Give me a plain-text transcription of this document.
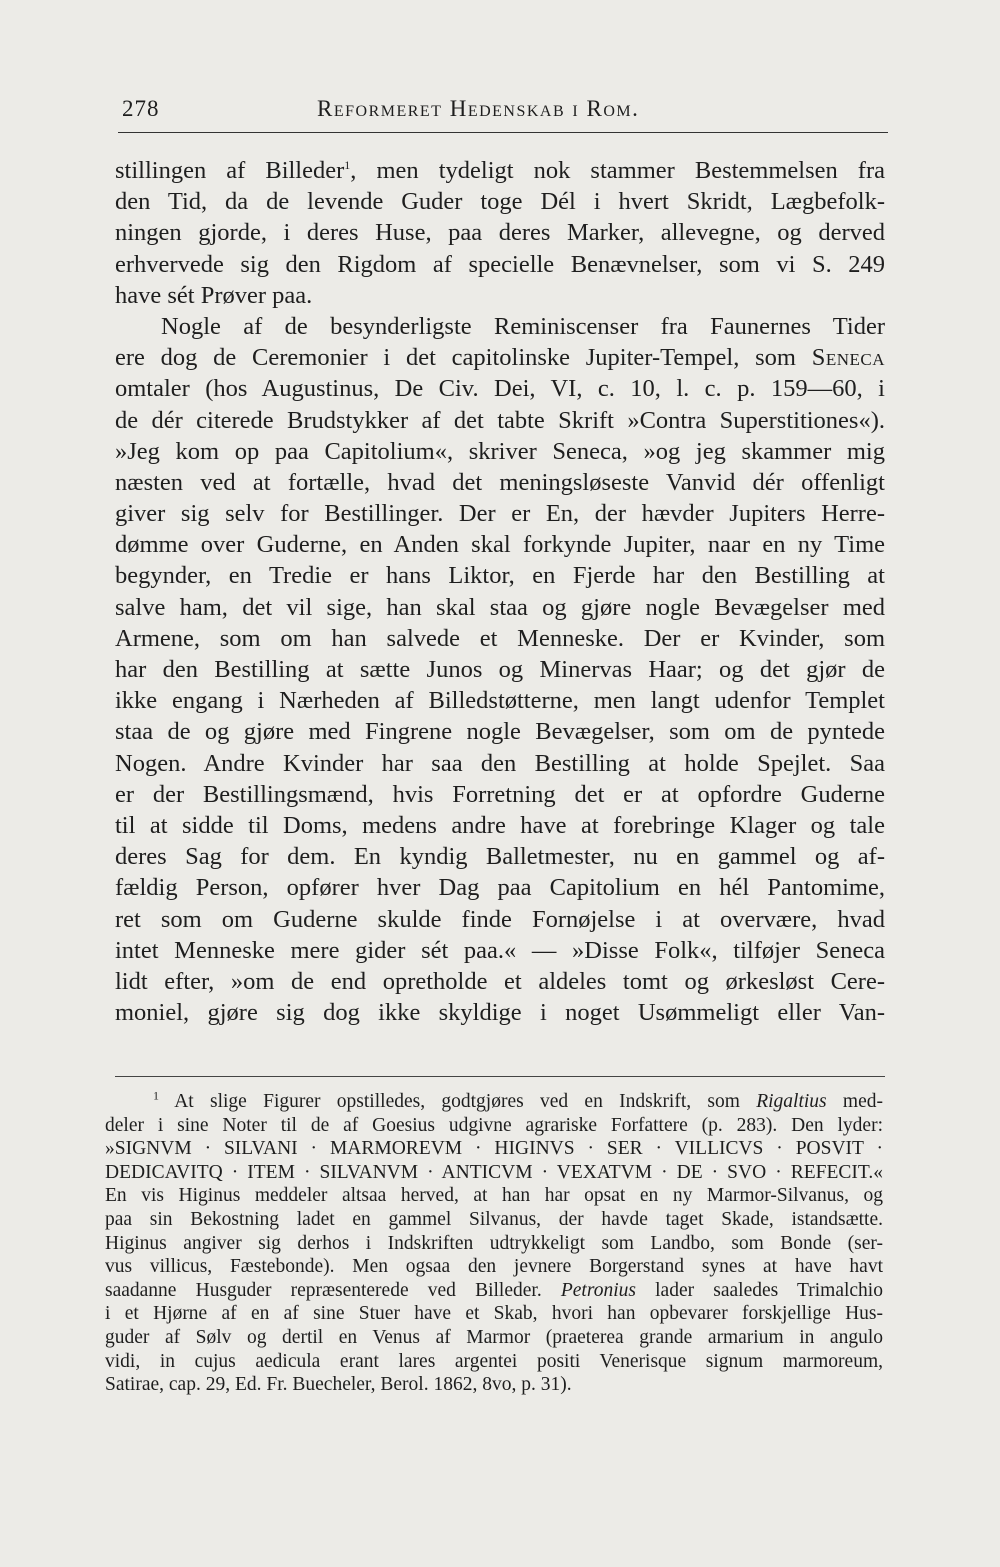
278	Reformeret Hedenskab i Rom.
stillingen af Billeder$^1$, men tydeligt nok stammer Bestemmelsen fra
den Tid, da de levende Guder toge Dél i hvert Skridt, Lægbefolk-
ningen gjorde, i deres Huse, paa deres Marker, allevegne, og derved
erhvervede sig den Rigdom af specielle Benævnelser, som vi S. 249
have sét Prøver paa.
Nogle af de besynderligste Reminiscenser fra Faunernes Tider
ere dog de Ceremonier i det capitolinske Jupiter-Tempel, som Seneca
omtaler (hos Augustinus, De Civ. Dei, VI, c. 10, l. c. p. 159—60, i
de dér citerede Brudstykker af det tabte Skrift »Contra Superstitiones«).
»Jeg kom op paa Capitolium«, skriver Seneca, »og jeg skammer mig
næsten ved at fortælle, hvad det meningsløseste Vanvid dér offenligt
giver sig selv for Bestillinger. Der er En, der hævder Jupiters Herre-
dømme over Guderne, en Anden skal forkynde Jupiter, naar en ny Time
begynder, en Tredie er hans Liktor, en Fjerde har den Bestilling at
salve ham, det vil sige, han skal staa og gjøre nogle Bevægelser med
Armene, som om han salvede et Menneske. Der er Kvinder, som
har den Bestilling at sætte Junos og Minervas Haar; og det gjør de
ikke engang i Nærheden af Billedstøtterne, men langt udenfor Templet
staa de og gjøre med Fingrene nogle Bevægelser, som om de pyntede
Nogen. Andre Kvinder har saa den Bestilling at holde Spejlet. Saa
er der Bestillingsmænd, hvis Forretning det er at opfordre Guderne
til at sidde til Doms, medens andre have at forebringe Klager og tale
deres Sag for dem. En kyndig Balletmester, nu en gammel og af-
fældig Person, opfører hver Dag paa Capitolium en hél Pantomime,
ret som om Guderne skulde finde Fornøjelse i at overvære, hvad
intet Menneske mere gider sét paa.« — »Disse Folk«, tilføjer Seneca
lidt efter, »om de end opretholde et aldeles tomt og ørkesløst Cere-
moniel, gjøre sig dog ikke skyldige i noget Usømmeligt eller Van-
$^1$ At slige Figurer opstilledes, godtgjøres ved en Indskrift, som Rigaltius med-
deler i sine Noter til de af Goesius udgivne agrariske Forfattere (p. 283). Den lyder:
»SIGNVM · SILVANI · MARMOREVM · HIGINVS · SER · VILLICVS · POSVIT ·
DEDICAVITQ · ITEM · SILVANVM · ANTICVM · VEXATVM · DE · SVO · REFECIT.«
En vis Higinus meddeler altsaa herved, at han har opsat en ny Marmor-Silvanus, og
paa sin Bekostning ladet en gammel Silvanus, der havde taget Skade, istandsætte.
Higinus angiver sig derhos i Indskriften udtrykkeligt som Landbo, som Bonde (ser-
vus villicus, Fæstebonde). Men ogsaa den jevnere Borgerstand synes at have havt
saadanne Husguder repræsenterede ved Billeder. Petronius lader saaledes Trimalchio
i et Hjørne af en af sine Stuer have et Skab, hvori han opbevarer forskjellige Hus-
guder af Sølv og dertil en Venus af Marmor (praeterea grande armarium in angulo
vidi, in cujus aedicula erant lares argentei positi Venerisque signum marmoreum,
Satirae, cap. 29, Ed. Fr. Buecheler, Berol. 1862, 8vo, p. 31).
